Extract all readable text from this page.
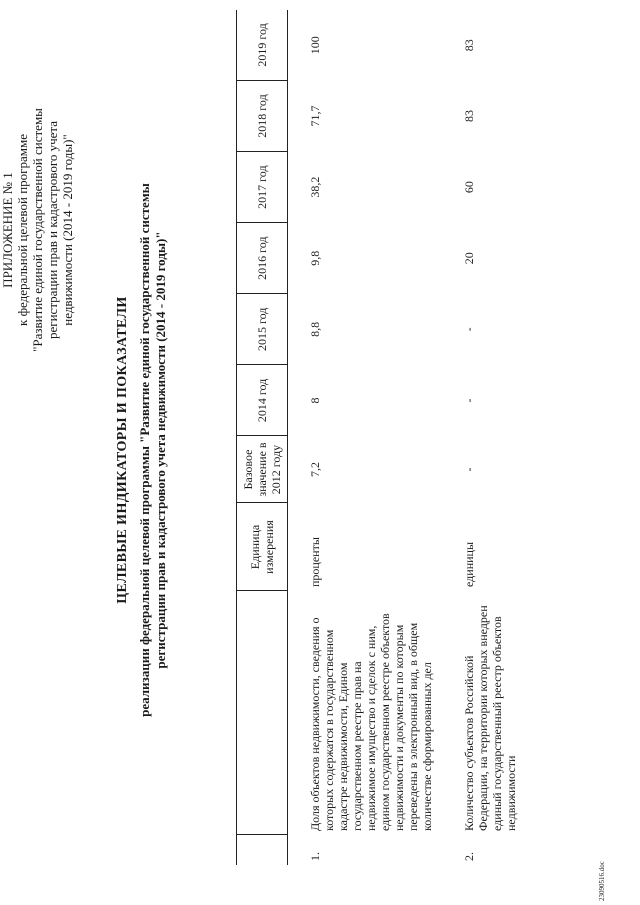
23090516.doc
ПРИЛОЖЕНИЕ № 1 к федеральной целевой программе "Развитие единой государственной системы регистрации прав и кадастрового учета недвижимости (2014 - 2019 годы)"
ЦЕЛЕВЫЕ ИНДИКАТОРЫ И ПОКАЗАТЕЛИ реализации федеральной целевой программы "Развитие единой государственной системы регистрации прав и кадастрового учета недвижимости (2014 - 2019 годы)"
			Единица измерения	Базовое значение в 2012 году	2014 год	2015 год	2016 год	2017 год	2018 год	2019 год

1.	Доля объектов недвижимости, сведения о которых содержатся в государственном кадастре недвижимости, Едином государственном реестре прав на недвижимое имущество и сделок с ним, едином государственном реестре объектов недвижимости и документы по которым переведены в электронный вид, в общем количестве сформированных дел	проценты	7,2	8	8,8	9,8	38,2	71,7	100
2.	Количество субъектов Российской Федерации, на территории которых внедрен единый государственный реестр объектов недвижимости	единицы	-	-	-	20	60	83	83
